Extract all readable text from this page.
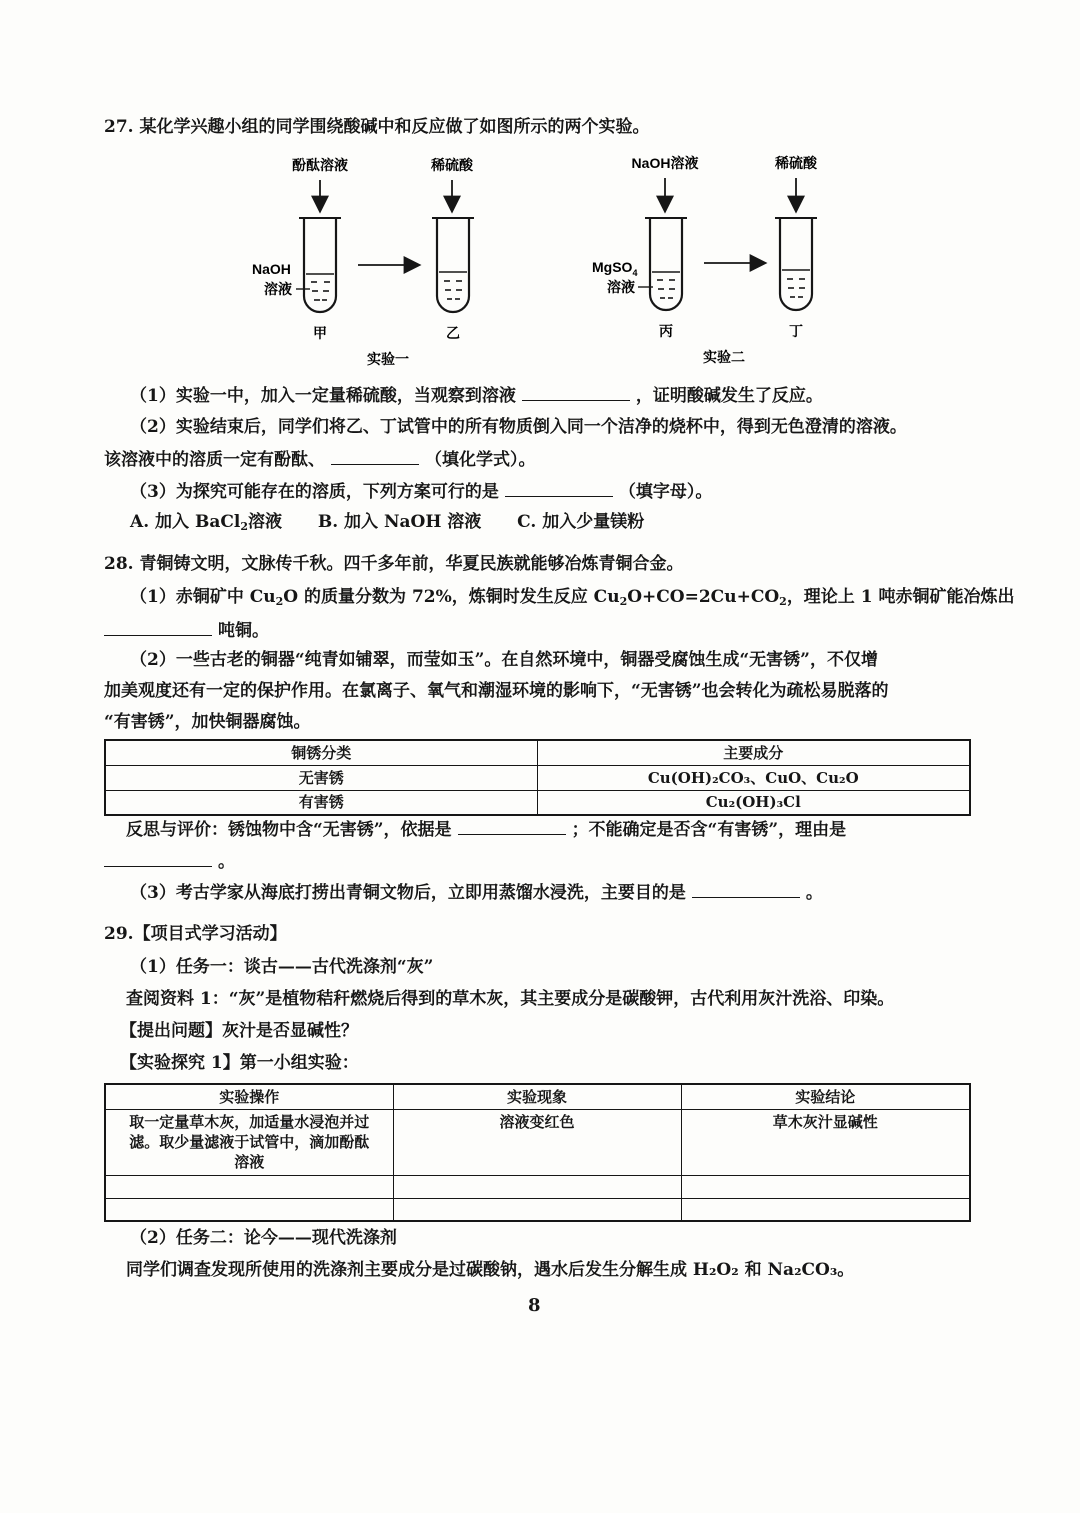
27. 某化学兴趣小组的同学围绕酸碱中和反应做了如图所示的两个实验。
酚酞溶液	稀硫酸
NaOH
溶液
甲	乙
实验一
NaOH溶液	稀硫酸
MgSO$_4$
溶液
丙	丁
实验二
（1）实验一中，加入一定量稀硫酸，当观察到溶液	，证明酸碱发生了反应。
（2）实验结束后，同学们将乙、丁试管中的所有物质倒入同一个洁净的烧杯中，得到无色澄清的溶液。
该溶液中的溶质一定有酚酞、	（填化学式）。
（3）为探究可能存在的溶质，下列方案可行的是	（填字母）。
A. 加入 BaCl$_2$溶液 B. 加入 NaOH 溶液 C. 加入少量镁粉
28. 青铜铸文明，文脉传千秋。四千多年前，华夏民族就能够冶炼青铜合金。
（1）赤铜矿中 $Cu_2O$ 的质量分数为 72%，炼铜时发生反应 $Cu_2O+CO=2Cu+CO_2$，理论上 1 吨赤铜矿能冶炼出
吨铜。
（2）一些古老的铜器“纯青如铺翠，而莹如玉”。在自然环境中，铜器受腐蚀生成“无害锈”，不仅增
加美观度还有一定的保护作用。在氯离子、氧气和潮湿环境的影响下，“无害锈”也会转化为疏松易脱落的
“有害锈”，加快铜器腐蚀。
铜锈分类	主要成分
无害锈	Cu(OH)₂CO₃、CuO、Cu₂O
有害锈	Cu₂(OH)₃Cl
反思与评价：锈蚀物中含“无害锈”，依据是	；不能确定是否含“有害锈”，理由是
。
（3）考古学家从海底打捞出青铜文物后，立即用蒸馏水浸洗，主要目的是	。
29.【项目式学习活动】
（1）任务一：谈古——古代洗涤剂“灰”
查阅资料 1：“灰”是植物秸秆燃烧后得到的草木灰，其主要成分是碳酸钾，古代利用灰汁洗浴、印染。
【提出问题】灰汁是否显碱性？
【实验探究 1】第一小组实验：
实验操作	实验现象	实验结论

取一定量草木灰，加适量水浸泡并过
滤。取少量滤液于试管中，滴加酚酞
溶液	溶液变红色	草木灰汁显碱性

（2）任务二：论今——现代洗涤剂
同学们调查发现所使用的洗涤剂主要成分是过碳酸钠，遇水后发生分解生成 H₂O₂ 和 Na₂CO₃。
8
